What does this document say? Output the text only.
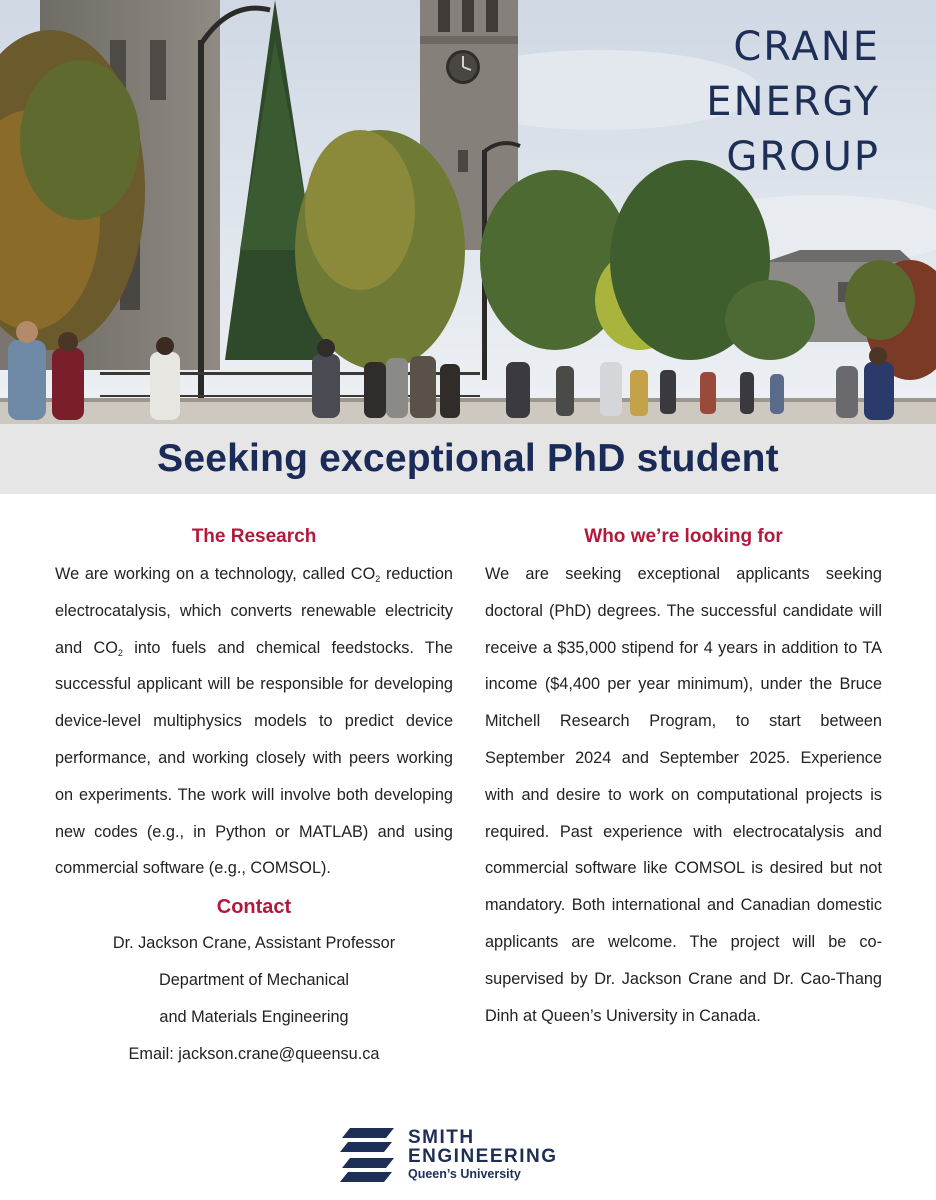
CRANE
ENERGY
GROUP
Seeking exceptional PhD student
The Research

We are working on a technology, called $CO_2$ reduction electrocatalysis, which converts renewable electricity and $CO_2$ into fuels and chemical feedstocks. The successful applicant will be responsible for developing device-level multiphysics models to predict device performance, and working closely with peers working on experiments. The work will involve both developing new codes (e.g., in Python or MATLAB) and using commercial software (e.g., COMSOL).

Contact
Dr. Jackson Crane, Assistant Professor
Department of Mechanical
and Materials Engineering
Email: jackson.crane@queensu.ca
Who we’re looking for

We are seeking exceptional applicants seeking doctoral (PhD) degrees. The successful candidate will receive a $35,000 stipend for 4 years in addition to TA income ($4,400 per year minimum), under the Bruce Mitchell Research Program, to start between September 2024 and September 2025. Experience with and desire to work on computational projects is required. Past experience with electrocatalysis and commercial software like COMSOL is desired but not mandatory. Both international and Canadian domestic applicants are welcome. The project will be co-supervised by Dr. Jackson Crane and Dr. Cao-Thang Dinh at Queen’s University in Canada.

SMITH
ENGINEERING
Queen’s University
